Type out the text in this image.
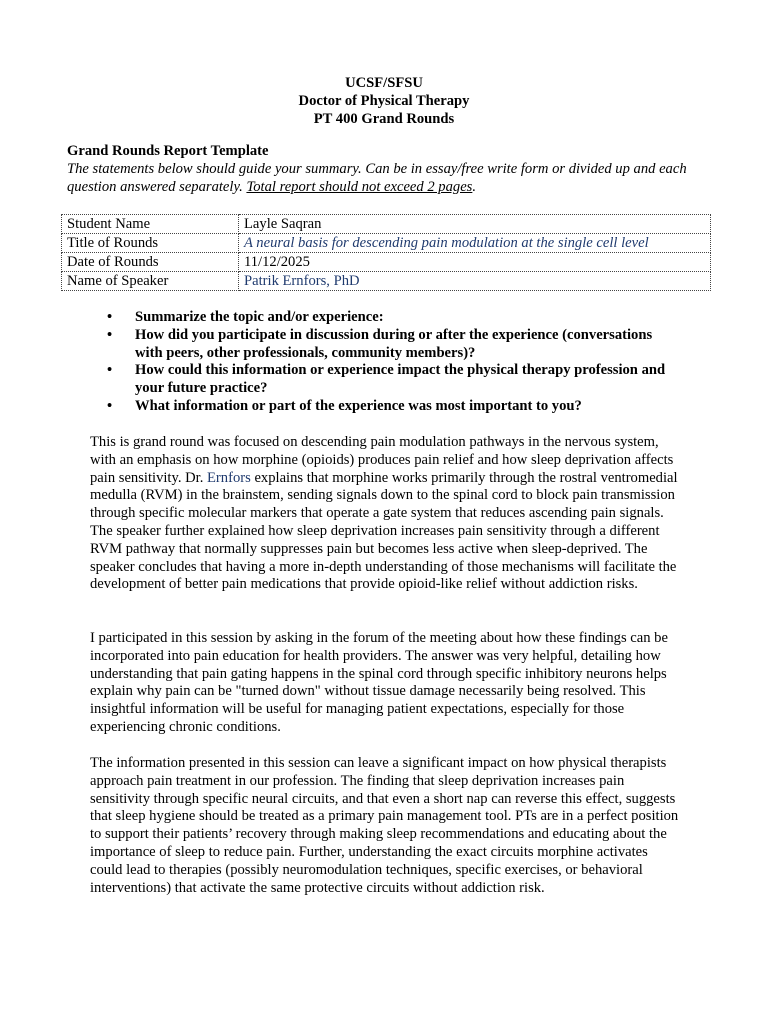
UCSF/SFSU
Doctor of Physical Therapy
PT 400 Grand Rounds
Grand Rounds Report Template
The statements below should guide your summary. Can be in essay/free write form or divided up and each question answered separately. Total report should not exceed 2 pages.
Student Name	Layle Saqran
Title of Rounds	A neural basis for descending pain modulation at the single cell level
Date of Rounds	11/12/2025
Name of Speaker	Patrik Ernfors, PhD
• Summarize the topic and/or experience:
• How did you participate in discussion during or after the experience (conversations with peers, other professionals, community members)?
• How could this information or experience impact the physical therapy profession and your future practice?
• What information or part of the experience was most important to you?
This is grand round was focused on descending pain modulation pathways in the nervous system, with an emphasis on how morphine (opioids) produces pain relief and how sleep deprivation affects pain sensitivity. Dr. Ernfors explains that morphine works primarily through the rostral ventromedial medulla (RVM) in the brainstem, sending signals down to the spinal cord to block pain transmission through specific molecular markers that operate a gate system that reduces ascending pain signals. The speaker further explained how sleep deprivation increases pain sensitivity through a different RVM pathway that normally suppresses pain but becomes less active when sleep-deprived. The speaker concludes that having a more in-depth understanding of those mechanisms will facilitate the development of better pain medications that provide opioid-like relief without addiction risks.
I participated in this session by asking in the forum of the meeting about how these findings can be incorporated into pain education for health providers. The answer was very helpful, detailing how understanding that pain gating happens in the spinal cord through specific inhibitory neurons helps explain why pain can be "turned down" without tissue damage necessarily being resolved. This insightful information will be useful for managing patient expectations, especially for those experiencing chronic conditions.
The information presented in this session can leave a significant impact on how physical therapists approach pain treatment in our profession. The finding that sleep deprivation increases pain sensitivity through specific neural circuits, and that even a short nap can reverse this effect, suggests that sleep hygiene should be treated as a primary pain management tool. PTs are in a perfect position to support their patients’ recovery through making sleep recommendations and educating about the importance of sleep to reduce pain. Further, understanding the exact circuits morphine activates could lead to therapies (possibly neuromodulation techniques, specific exercises, or behavioral interventions) that activate the same protective circuits without addiction risk.
